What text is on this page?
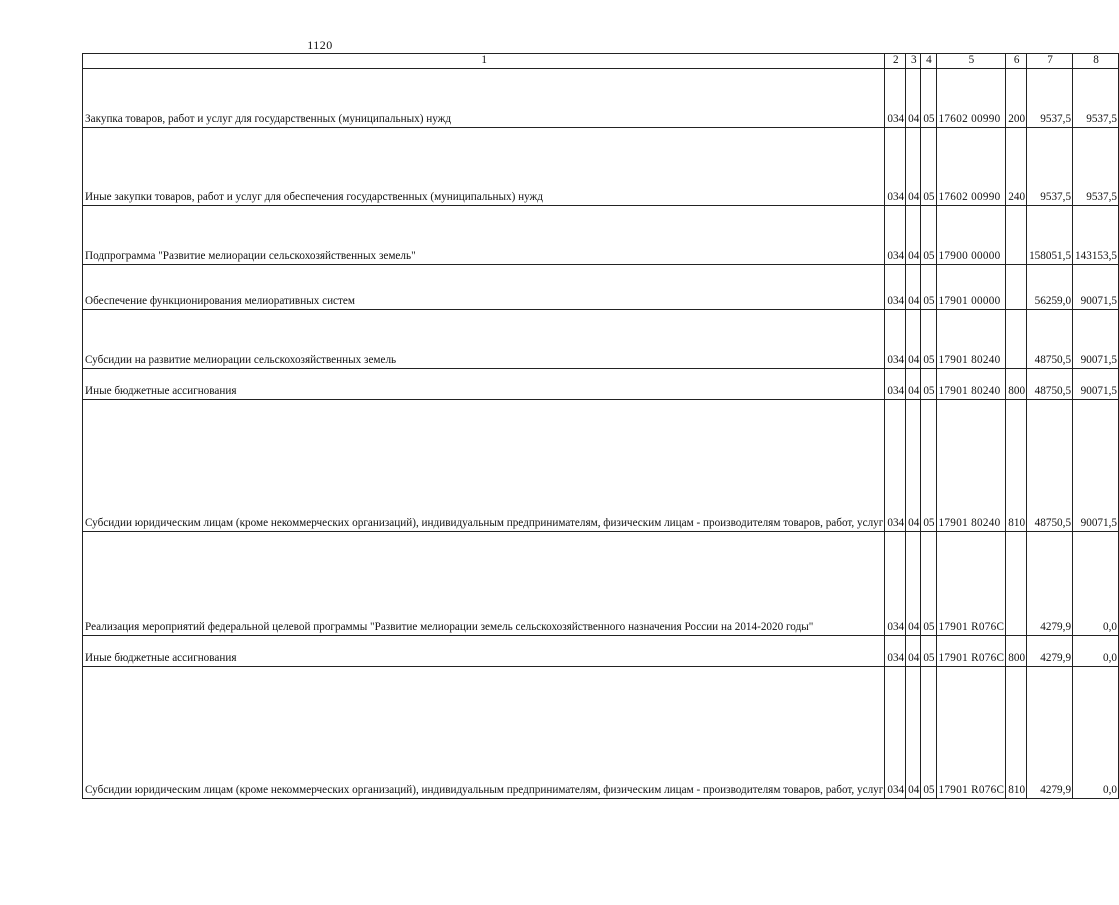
1120
1	2	3	4	5	6	7	8
Закупка товаров, работ и услуг для государственных (муниципальных) нужд	034	04	05	17602 00990	200	9537,5	9537,5
Иные закупки товаров, работ и услуг для обеспечения государственных (муниципальных) нужд	034	04	05	17602 00990	240	9537,5	9537,5
Подпрограмма "Развитие мелиорации сельскохозяйственных земель"	034	04	05	17900 00000		158051,5	143153,5
Обеспечение функционирования мелиоративных систем	034	04	05	17901 00000		56259,0	90071,5
Субсидии на развитие мелиорации сельскохозяйственных земель	034	04	05	17901 80240		48750,5	90071,5
Иные бюджетные ассигнования	034	04	05	17901 80240	800	48750,5	90071,5
Субсидии юридическим лицам (кроме некоммерческих организаций), индивидуальным предпринимателям, физическим лицам - производителям товаров, работ, услуг	034	04	05	17901 80240	810	48750,5	90071,5
Реализация мероприятий федеральной целевой программы "Развитие мелиорации земель сельскохозяйственного назначения России на 2014-2020 годы"	034	04	05	17901 R076C		4279,9	0,0
Иные бюджетные ассигнования	034	04	05	17901 R076C	800	4279,9	0,0
Субсидии юридическим лицам (кроме некоммерческих организаций), индивидуальным предпринимателям, физическим лицам - производителям товаров, работ, услуг	034	04	05	17901 R076C	810	4279,9	0,0
